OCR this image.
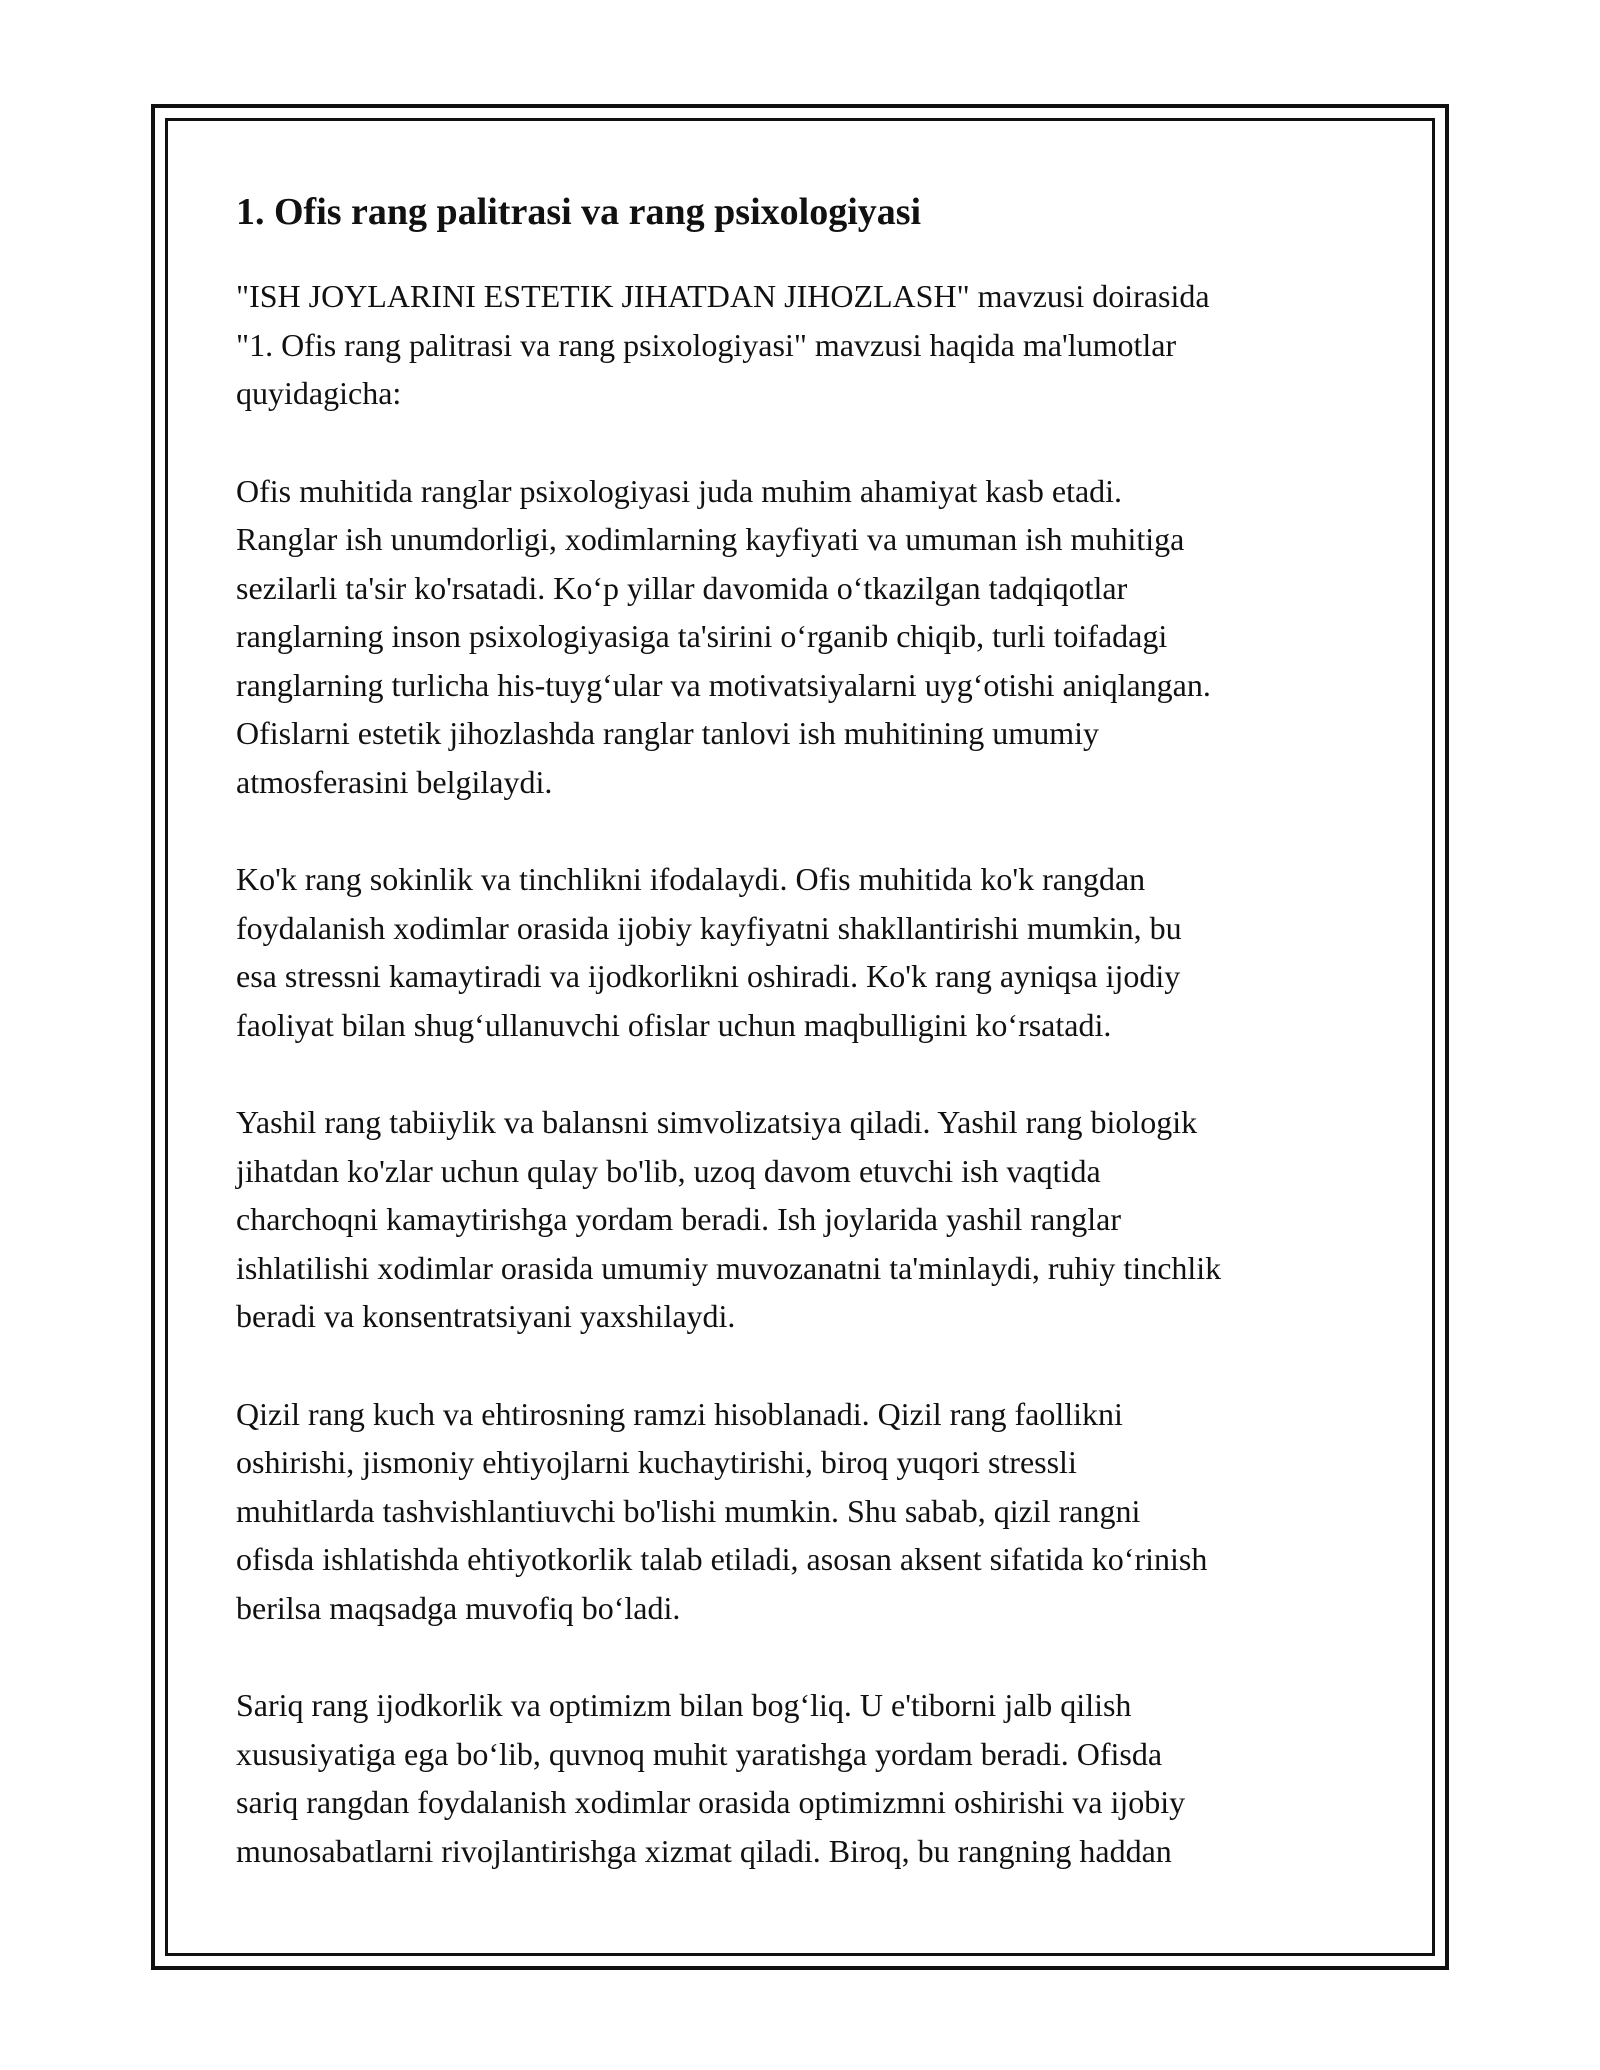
1. Ofis rang palitrasi va rang psixologiyasi

"ISH JOYLARINI ESTETIK JIHATDAN JIHOZLASH" mavzusi doirasida
"1. Ofis rang palitrasi va rang psixologiyasi" mavzusi haqida ma'lumotlar
quyidagicha:

Ofis muhitida ranglar psixologiyasi juda muhim ahamiyat kasb etadi.
Ranglar ish unumdorligi, xodimlarning kayfiyati va umuman ish muhitiga
sezilarli ta'sir ko'rsatadi. Ko‘p yillar davomida o‘tkazilgan tadqiqotlar
ranglarning inson psixologiyasiga ta'sirini o‘rganib chiqib, turli toifadagi
ranglarning turlicha his-tuyg‘ular va motivatsiyalarni uyg‘otishi aniqlangan.
Ofislarni estetik jihozlashda ranglar tanlovi ish muhitining umumiy
atmosferasini belgilaydi.

Ko'k rang sokinlik va tinchlikni ifodalaydi. Ofis muhitida ko'k rangdan
foydalanish xodimlar orasida ijobiy kayfiyatni shakllantirishi mumkin, bu
esa stressni kamaytiradi va ijodkorlikni oshiradi. Ko'k rang ayniqsa ijodiy
faoliyat bilan shug‘ullanuvchi ofislar uchun maqbulligini ko‘rsatadi.

Yashil rang tabiiylik va balansni simvolizatsiya qiladi. Yashil rang biologik
jihatdan ko'zlar uchun qulay bo'lib, uzoq davom etuvchi ish vaqtida
charchoqni kamaytirishga yordam beradi. Ish joylarida yashil ranglar
ishlatilishi xodimlar orasida umumiy muvozanatni ta'minlaydi, ruhiy tinchlik
beradi va konsentratsiyani yaxshilaydi.

Qizil rang kuch va ehtirosning ramzi hisoblanadi. Qizil rang faollikni
oshirishi, jismoniy ehtiyojlarni kuchaytirishi, biroq yuqori stressli
muhitlarda tashvishlantiuvchi bo'lishi mumkin. Shu sabab, qizil rangni
ofisda ishlatishda ehtiyotkorlik talab etiladi, asosan aksent sifatida ko‘rinish
berilsa maqsadga muvofiq bo‘ladi.

Sariq rang ijodkorlik va optimizm bilan bog‘liq. U e'tiborni jalb qilish
xususiyatiga ega bo‘lib, quvnoq muhit yaratishga yordam beradi. Ofisda
sariq rangdan foydalanish xodimlar orasida optimizmni oshirishi va ijobiy
munosabatlarni rivojlantirishga xizmat qiladi. Biroq, bu rangning haddan
